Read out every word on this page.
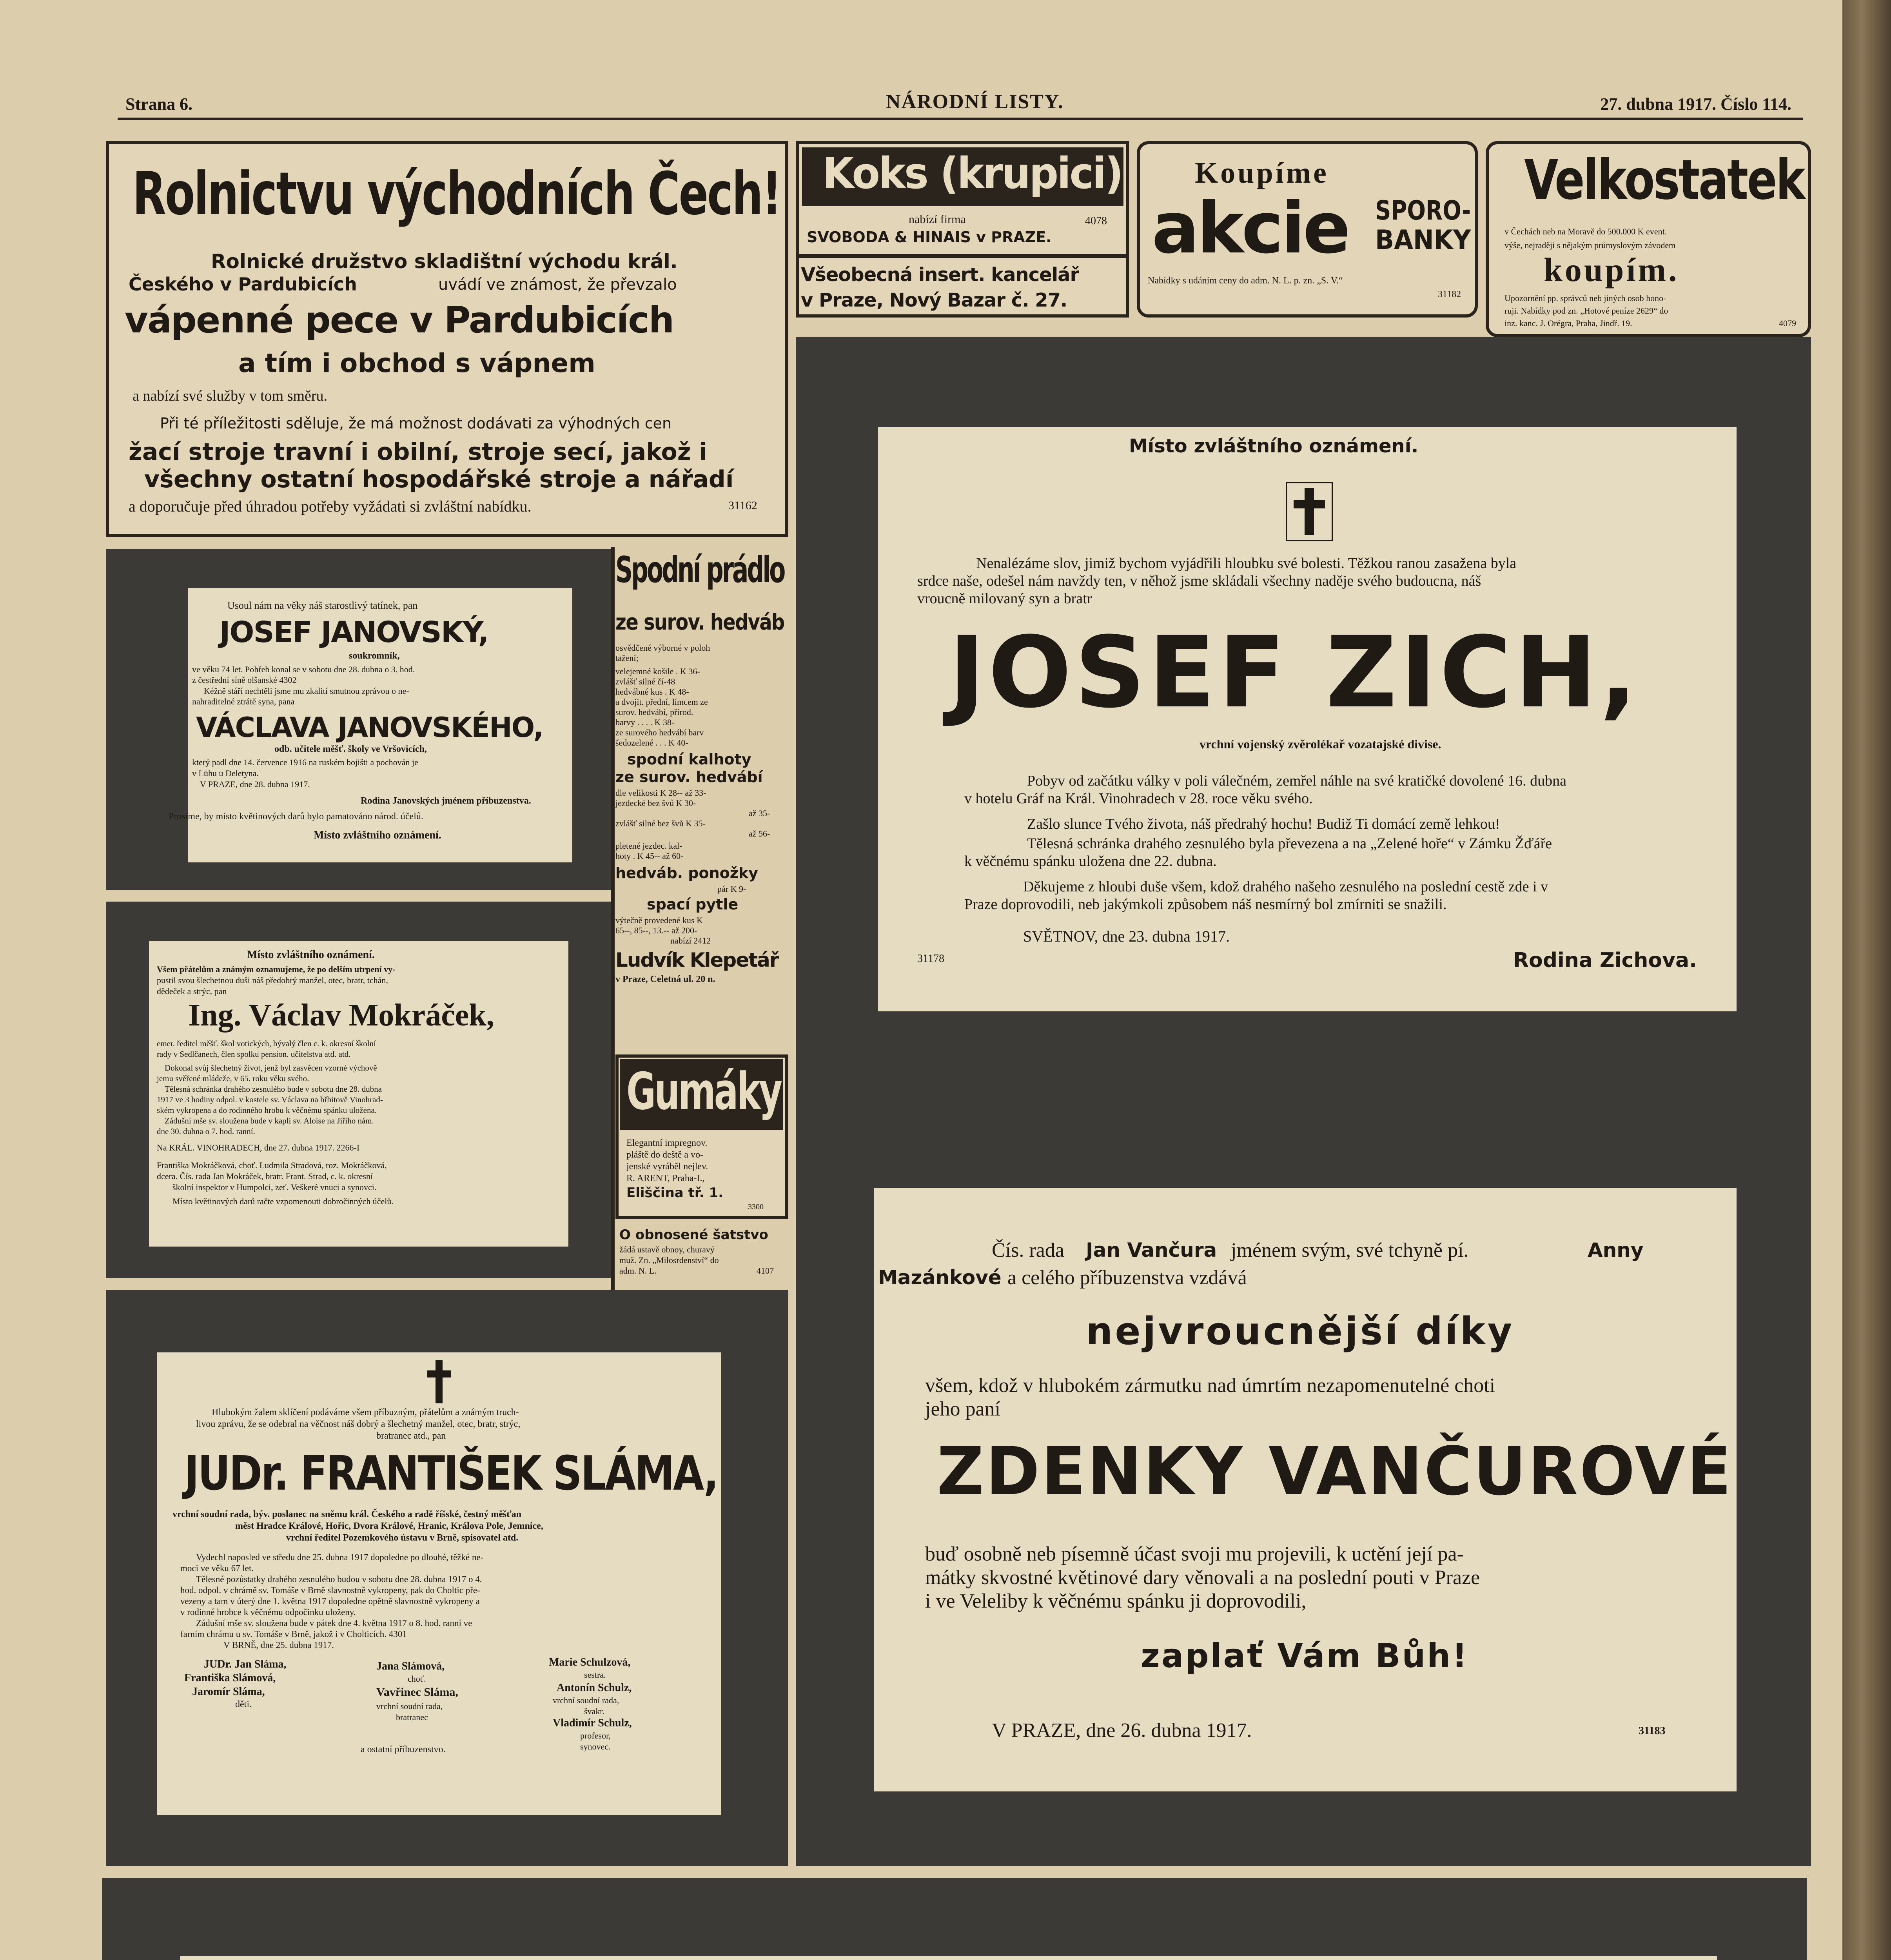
Strana 6.	NÁRODNÍ LISTY.	27. dubna 1917. Číslo 114.
Rolnictvu východních Čech!
Rolnické družstvo skladištní východu král.
Českého v Pardubicích	uvádí ve známost, že převzalo
vápenné pece v Pardubicích
a tím i obchod s vápnem
a nabízí své služby v tom směru.
Při té příležitosti sděluje, že má možnost dodávati za výhodných cen
žací stroje travní i obilní, stroje secí, jakož i
všechny ostatní hospodářské stroje a nářadí
a doporučuje před úhradou potřeby vyžádati si zvláštní nabídku.	31162
Koks (krupici)
nabízí firma	4078
SVOBODA & HINAIS v PRAZE.
Všeobecná insert. kancelář
v Praze, Nový Bazar č. 27.
Koupíme
akcie SPORO-
BANKY
Nabídky s udáním ceny do adm. N. L. p. zn. „S. V.“
31182
Velkostatek
v Čechách neb na Moravě do 500.000 K event.
výše, nejraději s nějakým průmyslovým závodem
koupím.
Upozornění pp. správců neb jiných osob hono-
ruji. Nabídky pod zn. „Hotové peníze 2629“ do
inz. kanc. J. Orégra, Praha, Jindř. 19.	4079
Usoul nám na věky náš starostlivý tatínek, pan
JOSEF JANOVSKÝ,
soukromník,
ve věku 74 let. Pohřeb konal se v sobotu dne 28. dubna o 3. hod.
z čestřední síně olšanské 4302
Kéžně stáří nechtěli jsme mu zkalití smutnou zprávou o ne-
nahraditelné ztrátě syna, pana
VÁCLAVA JANOVSKÉHO,
odb. učitele měšť. školy ve Vršovicích,
který padl dne 14. července 1916 na ruském bojišti a pochován je
v Lühu u Deletyna.
V PRAZE, dne 28. dubna 1917.
Rodina Janovských jménem příbuzenstva.
Prosíme, by místo květinových darů bylo pamatováno národ. účelů.
Místo zvláštního oznámení.
Místo zvláštního oznámení.
Všem přátelům a známým oznamujeme, že po delším utrpení vy-
pustil svou šlechetnou duši náš předobrý manžel, otec, bratr, tchán,
dědeček a strýc, pan
Ing. Václav Mokráček,
emer. ředitel měšť. škol votických, bývalý člen c. k. okresní školní
rady v Sedlčanech, člen spolku pension. učitelstva atd. atd.
Dokonal svůj šlechetný život, jenž byl zasvěcen vzorné výchově
jemu svěřené mládeže, v 65. roku věku svého.
Tělesná schránka drahého zesnulého bude v sobotu dne 28. dubna
1917 ve 3 hodiny odpol. v kostele sv. Václava na hřbitově Vinohrad-
ském vykropena a do rodinného hrobu k věčnému spánku uložena.
Zádušní mše sv. sloužena bude v kapli sv. Aloise na Jiřího nám.
dne 30. dubna o 7. hod. ranní.
Na KRÁL. VINOHRADECH, dne 27. dubna 1917. 2266-I
Františka Mokráčková, choť. Ludmila Stradová, roz. Mokráčková,
dcera. Čís. rada Jan Mokráček, bratr. Frant. Strad, c. k. okresní
školní inspektor v Humpolci, zeť. Veškeré vnuci a synovci.
Místo květinových darů račte vzpomenouti dobročinných účelů.
Spodní prádlo
ze surov. hedváb
osvědčené výborné v poloh
tažení;
velejemné košile . K 36-
zvlášť silné čí-48
hedvábné kus . K 48-
a dvojit. přední, límcem ze
surov. hedvábí, přírod.
barvy . . . . K 38-
ze surového hedvábí barv
šedozelené . . . K 40-
spodní kalhoty
ze surov. hedvábí
dle velikosti K 28-- až 33-
jezdecké bez švů K 30-
až 35-
zvlášť silné bez švů K 35-
až 56-
pletené jezdec. kal-
hoty . K 45-- až 60-
hedváb. ponožky
pár K 9-
spací pytle
výtečně provedené kus K
65--, 85--, 13.-- až 200-
nabízí 2412
Ludvík Klepetář
v Praze, Celetná ul. 20 n.
Gumáky
Elegantní impregnov.
pláště do deště a vo-
jenské vyráběl nejlev.
R. ARENT, Praha-I.,
Eliščina tř. 1.
3300
O obnosené šatstvo
žádá ustavě obnoy, churavý
muž. Zn. „Milosrdenství“ do
adm. N. L.	4107
Hlubokým žalem sklíčení podáváme všem příbuzným, přátelům a známým truch-
livou zprávu, že se odebral na věčnost náš dobrý a šlechetný manžel, otec, bratr, strýc,
bratranec atd., pan
JUDr. FRANTIŠEK SLÁMA,
vrchní soudní rada, býv. poslanec na sněmu král. Českého a radě říšské, čestný měšťan
měst Hradce Králové, Hořic, Dvora Králové, Hranic, Králova Pole, Jemnice,
vrchní ředitel Pozemkového ústavu v Brně, spisovatel atd.
Vydechl naposled ve středu dne 25. dubna 1917 dopoledne po dlouhé, těžké ne-
moci ve věku 67 let.
Tělesné pozůstatky drahého zesnulého budou v sobotu dne 28. dubna 1917 o 4.
hod. odpol. v chrámě sv. Tomáše v Brně slavnostně vykropeny, pak do Choltic pře-
vezeny a tam v úterý dne 1. května 1917 dopoledne opětně slavnostně vykropeny a
v rodinné hrobce k věčnému odpočinku uloženy.
Zádušní mše sv. sloužena bude v pátek dne 4. května 1917 o 8. hod. ranní ve
farním chrámu u sv. Tomáše v Brně, jakož i v Cholticích. 4301
V BRNĚ, dne 25. dubna 1917.
JUDr. Jan Sláma,
Františka Slámová,
Jaromír Sláma,
děti.
Jana Slámová,
choť.
Vavřinec Sláma,
vrchní soudní rada,
bratranec
Marie Schulzová,
sestra.
Antonín Schulz,
vrchní soudní rada,
švakr.
Vladimír Schulz,
profesor,
synovec.
a ostatní příbuzenstvo.
Místo zvláštního oznámení.
Nenalézáme slov, jimiž bychom vyjádřili hloubku své bolesti. Těžkou ranou zasažena byla
srdce naše, odešel nám navždy ten, v něhož jsme skládali všechny naděje svého budoucna, náš
vroucně milovaný syn a bratr
JOSEF ZICH,
vrchní vojenský zvěrolékař vozatajské divise.
Pobyv od začátku války v poli válečném, zemřel náhle na své kratičké dovolené 16. dubna
v hotelu Gráf na Král. Vinohradech v 28. roce věku svého.
Zašlo slunce Tvého života, náš předrahý hochu! Budiž Ti domácí země lehkou!
Tělesná schránka drahého zesnulého byla převezena a na „Zelené hoře“ v Zámku Žďáře
k věčnému spánku uložena dne 22. dubna.
Děkujeme z hloubi duše všem, kdož drahého našeho zesnulého na poslední cestě zde i v
Praze doprovodili, neb jakýmkoli způsobem náš nesmírný bol zmírniti se snažili.
SVĚTNOV, dne 23. dubna 1917.
31178	Rodina Zichova.
Čís. rada Jan Vančura jménem svým, své tchyně pí.	Anny
Mazánkové a celého příbuzenstva vzdává
nejvroucnější díky
všem, kdož v hlubokém zármutku nad úmrtím nezapomenutelné choti
jeho paní
ZDENKY VANČUROVÉ
buď osobně neb písemně účast svoji mu projevili, k uctění její pa-
mátky skvostné květinové dary věnovali a na poslední pouti v Praze
i ve Veleliby k věčnému spánku ji doprovodili,
zaplať Vám Bůh!
V PRAZE, dne 26. dubna 1917.	31183
